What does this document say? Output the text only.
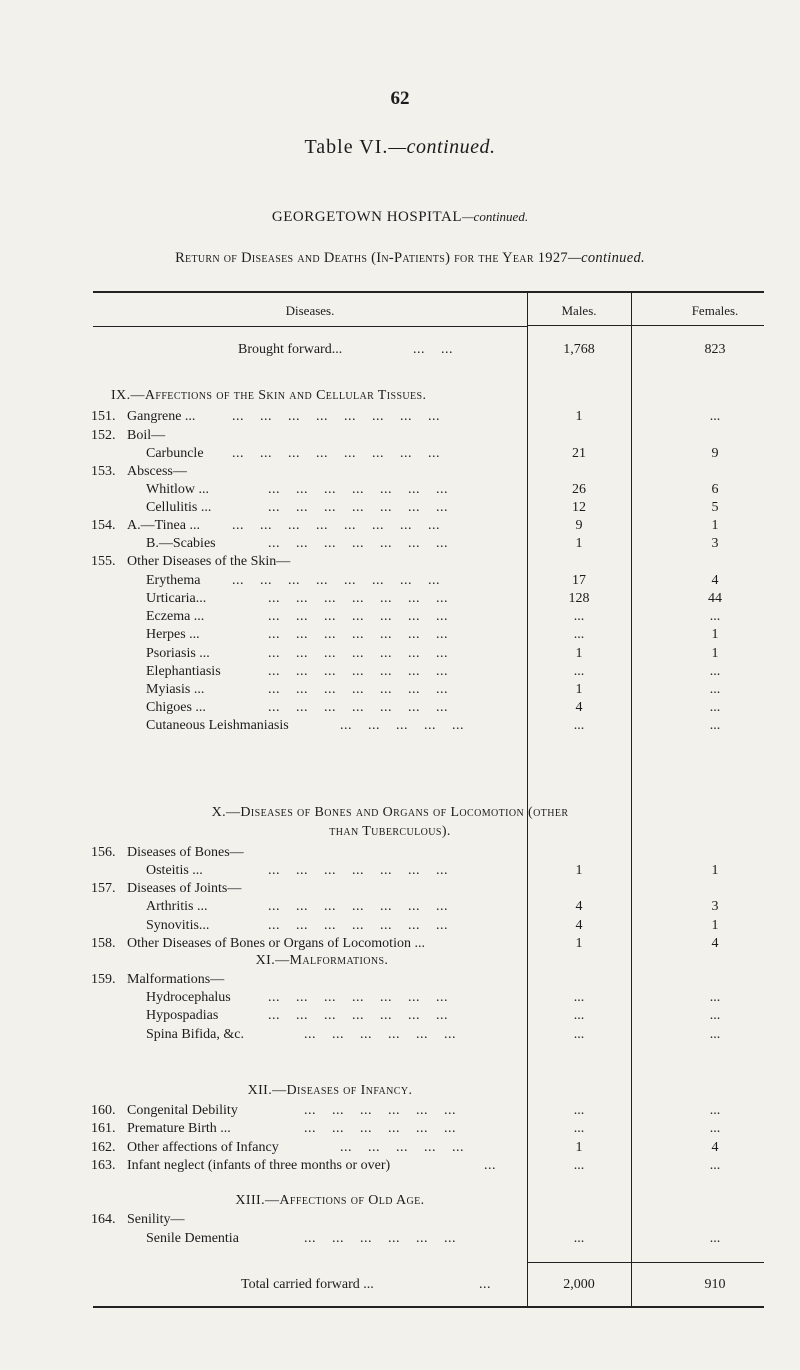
62
Table VI.—continued.
GEORGETOWN HOSPITAL—continued.
Return of Diseases and Deaths (In-Patients) for the Year 1927—continued.
Diseases.	Males.	Females.
Brought forward...	...    ...	1,768	823
IX.—Affections of the Skin and Cellular Tissues.
X.—Diseases of Bones and Organs of Locomotion (other
than Tuberculous).
XI.—Malformations.
XII.—Diseases of Infancy.
XIII.—Affections of Old Age.
151. Gangrene ...	...    ...    ...    ...    ...    ...    ...    ...	1	...
152. Boil—
Carbuncle ...    ...    ...    ...    ...    ...    ...    ...	21	9
153. Abscess—
Whitlow ...	...    ...    ...    ...    ...    ...    ...	26	6
Cellulitis ...	...    ...    ...    ...    ...    ...    ...	12	5
154. A.—Tinea ... ...    ...    ...    ...    ...    ...    ...    ...	9	1
B.—Scabies	...    ...    ...    ...    ...    ...    ...	1	3
155. Other Diseases of the Skin—
Erythema ...    ...    ...    ...    ...    ...    ...    ...	17	4
Urticaria...	...    ...    ...    ...    ...    ...    ...	128	44
Eczema ...	...    ...    ...    ...    ...    ...    ...	...	...
Herpes ...	...    ...    ...    ...    ...    ...    ...	...	1
Psoriasis ...	...    ...    ...    ...    ...    ...    ...	1	1
Elephantiasis	...    ...    ...    ...    ...    ...    ...	...	...
Myiasis ...	...    ...    ...    ...    ...    ...    ...	1	...
Chigoes ...	...    ...    ...    ...    ...    ...    ...	4	...
Cutaneous Leishmaniasis	...    ...    ...    ...    ...	...	...
156. Diseases of Bones—
Osteitis ...	...    ...    ...    ...    ...    ...    ...	1	1
157. Diseases of Joints—
Arthritis ...	...    ...    ...    ...    ...    ...    ...	4	3
Synovitis...	...    ...    ...    ...    ...    ...    ...	4	1
158. Other Diseases of Bones or Organs of Locomotion ...	1	4
159. Malformations—
Hydrocephalus	...    ...    ...    ...    ...    ...    ...	...	...
Hypospadias	...    ...    ...    ...    ...    ...    ...	...	...
Spina Bifida, &c.	...    ...    ...    ...    ...    ...	...	...
160. Congenital Debility	...    ...    ...    ...    ...    ...	...	...
161. Premature Birth ...	...    ...    ...    ...    ...    ...	...	...
162. Other affections of Infancy	...    ...    ...    ...    ...	1	4
163. Infant neglect (infants of three months or over)	...	...	...
164. Senility—
Senile Dementia	...    ...    ...    ...    ...    ...	...	...
Total carried forward ...	...	2,000	910
